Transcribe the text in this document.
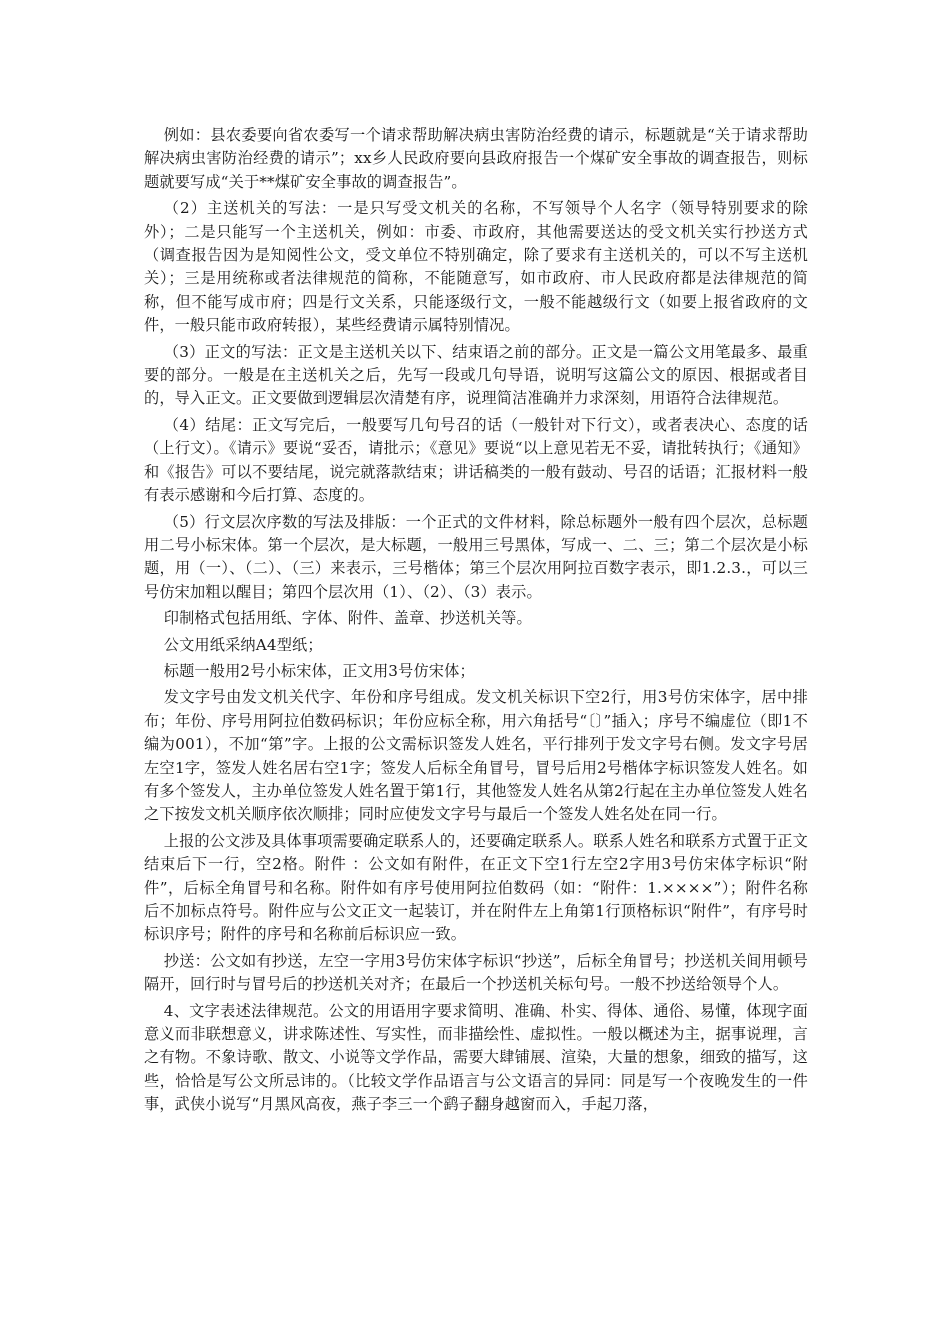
例如：县农委要向省农委写一个请求帮助解决病虫害防治经费的请示，标题就是“关于请求帮助解决病虫害防治经费的请示”；xx乡人民政府要向县政府报告一个煤矿安全事故的调查报告，则标题就要写成“关于**煤矿安全事故的调查报告”。

（2）主送机关的写法：一是只写受文机关的名称，不写领导个人名字（领导特别要求的除外）；二是只能写一个主送机关，例如：市委、市政府，其他需要送达的受文机关实行抄送方式（调查报告因为是知阅性公文，受文单位不特别确定，除了要求有主送机关的，可以不写主送机关）；三是用统称或者法律规范的简称，不能随意写，如市政府、市人民政府都是法律规范的简称，但不能写成市府；四是行文关系，只能逐级行文，一般不能越级行文（如要上报省政府的文件，一般只能市政府转报），某些经费请示属特别情况。

（3）正文的写法：正文是主送机关以下、结束语之前的部分。正文是一篇公文用笔最多、最重要的部分。一般是在主送机关之后，先写一段或几句导语，说明写这篇公文的原因、根据或者目的，导入正文。正文要做到逻辑层次清楚有序，说理简洁准确并力求深刻，用语符合法律规范。

（4）结尾：正文写完后，一般要写几句号召的话（一般针对下行文），或者表决心、态度的话（上行文）。《请示》要说“妥否，请批示；《意见》要说“以上意见若无不妥，请批转执行；《通知》和《报告》可以不要结尾，说完就落款结束；讲话稿类的一般有鼓动、号召的话语；汇报材料一般有表示感谢和今后打算、态度的。

（5）行文层次序数的写法及排版：一个正式的文件材料，除总标题外一般有四个层次，总标题用二号小标宋体。第一个层次，是大标题，一般用三号黑体，写成一、二、三；第二个层次是小标题，用（一）、（二）、（三）来表示，三号楷体；第三个层次用阿拉百数字表示，即1.2.3.，可以三号仿宋加粗以醒目；第四个层次用（1）、（2）、（3）表示。

印制格式包括用纸、字体、附件、盖章、抄送机关等。

公文用纸采纳A4型纸；

标题一般用2号小标宋体，正文用3号仿宋体；

发文字号由发文机关代字、年份和序号组成。发文机关标识下空2行，用3号仿宋体字，居中排布；年份、序号用阿拉伯数码标识；年份应标全称，用六角括号“〔〕”插入；序号不编虚位（即1不编为001），不加“第”字。上报的公文需标识签发人姓名，平行排列于发文字号右侧。发文字号居左空1字，签发人姓名居右空1字；签发人后标全角冒号，冒号后用2号楷体字标识签发人姓名。如有多个签发人，主办单位签发人姓名置于第1行，其他签发人姓名从第2行起在主办单位签发人姓名之下按发文机关顺序依次顺排；同时应使发文字号与最后一个签发人姓名处在同一行。

上报的公文涉及具体事项需要确定联系人的，还要确定联系人。联系人姓名和联系方式置于正文结束后下一行，空2格。附件 ：公文如有附件，在正文下空1行左空2字用3号仿宋体字标识“附件”，后标全角冒号和名称。附件如有序号使用阿拉伯数码（如：“附件：1.××××”）；附件名称后不加标点符号。附件应与公文正文一起装订，并在附件左上角第1行顶格标识“附件”，有序号时标识序号；附件的序号和名称前后标识应一致。

抄送：公文如有抄送，左空一字用3号仿宋体字标识“抄送”，后标全角冒号；抄送机关间用顿号隔开，回行时与冒号后的抄送机关对齐；在最后一个抄送机关标句号。一般不抄送给领导个人。

4、文字表述法律规范。公文的用语用字要求简明、准确、朴实、得体、通俗、易懂，体现字面意义而非联想意义，讲求陈述性、写实性，而非描绘性、虚拟性。一般以概述为主，据事说理，言之有物。不象诗歌、散文、小说等文学作品，需要大肆铺展、渲染，大量的想象，细致的描写，这些，恰恰是写公文所忌讳的。（比较文学作品语言与公文语言的异同：同是写一个夜晚发生的一件事，武侠小说写“月黑风高夜，燕子李三一个鹞子翻身越窗而入，手起刀落，
